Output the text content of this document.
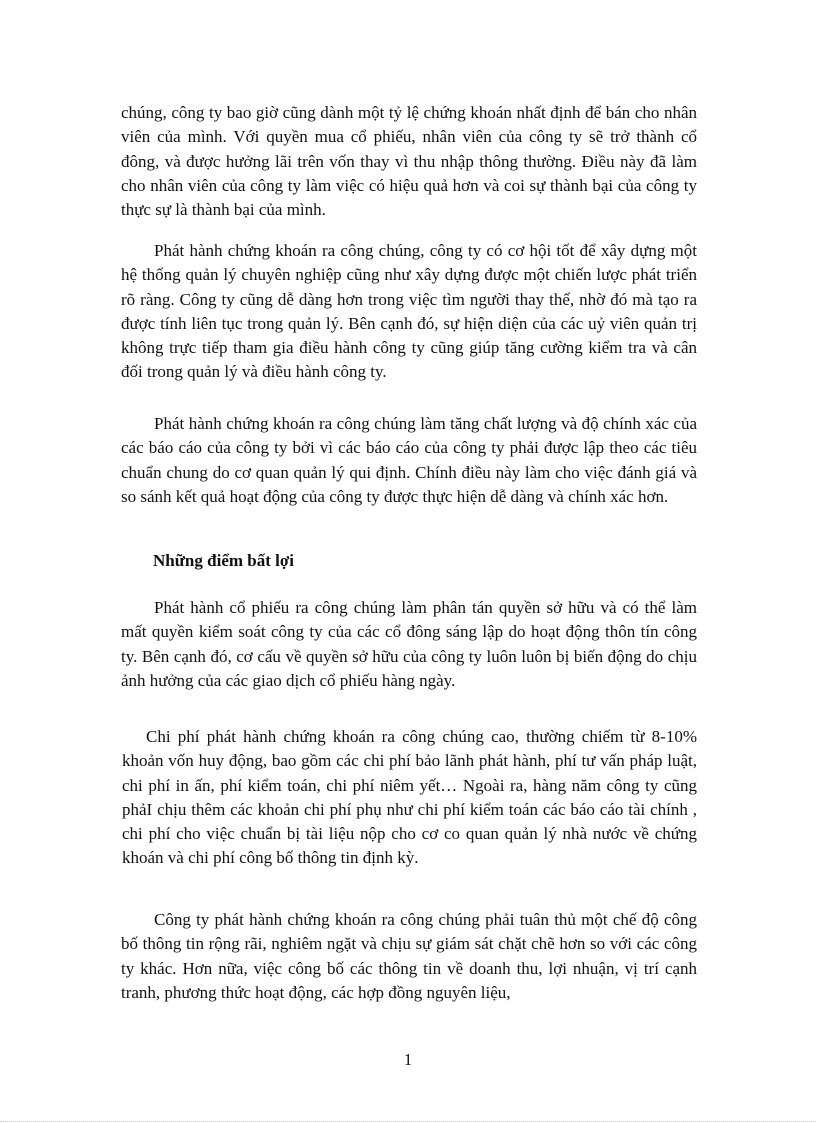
chúng, công ty bao giờ cũng dành một tỷ lệ chứng khoán nhất định để bán cho nhân viên của mình. Với quyền mua cổ phiếu, nhân viên của công ty sẽ trở thành cổ đông, và được hưởng lãi trên vốn thay vì thu nhập thông thường. Điều này đã làm cho nhân viên của công ty làm việc có hiệu quả hơn và coi sự thành bại của công ty thực sự là thành bại của mình.

Phát hành chứng khoán ra công chúng, công ty có cơ hội tốt để xây dựng một hệ thống quản lý chuyên nghiệp cũng như xây dựng được một chiến lược phát triển rõ ràng. Công ty cũng dễ dàng hơn trong việc tìm người thay thế, nhờ đó mà tạo ra được tính liên tục trong quản lý. Bên cạnh đó, sự hiện diện của các uỷ viên quản trị không trực tiếp tham gia điều hành công ty cũng giúp tăng cường kiểm tra và cân đối trong quản lý và điều hành công ty.

Phát hành chứng khoán ra công chúng làm tăng chất lượng và độ chính xác của các báo cáo của công ty bởi vì các báo cáo của công ty phải được lập theo các tiêu chuẩn chung do cơ quan quản lý qui định. Chính điều này làm cho việc đánh giá và so sánh kết quả hoạt động của công ty được thực hiện dễ dàng và chính xác hơn.

Những điểm bất lợi

Phát hành cổ phiếu ra công chúng làm phân tán quyền sở hữu và có thể làm mất quyền kiểm soát công ty của các cổ đông sáng lập do hoạt động thôn tín công ty. Bên cạnh đó, cơ cấu về quyền sở hữu của công ty luôn luôn bị biến động do chịu ảnh hưởng của các giao dịch cổ phiếu hàng ngày.

Chi phí phát hành chứng khoán ra công chúng cao, thường chiếm từ 8-10% khoản vốn huy động, bao gồm các chi phí bảo lãnh phát hành, phí tư vấn pháp luật, chi phí in ấn, phí kiểm toán, chi phí niêm yết… Ngoài ra, hàng năm công ty cũng phảI chịu thêm các khoản chi phí phụ như chi phí kiểm toán các báo cáo tài chính , chi phí cho việc chuẩn bị tài liệu nộp cho cơ co quan quản lý nhà nước về chứng khoán và chi phí công bố thông tin định kỳ.

Công ty phát hành chứng khoán ra công chúng phải tuân thủ một chế độ công bố thông tin rộng rãi, nghiêm ngặt và chịu sự giám sát chặt chẽ hơn so với các công ty khác. Hơn nữa, việc công bố các thông tin về doanh thu, lợi nhuận, vị trí cạnh tranh, phương thức hoạt động, các hợp đồng nguyên liệu,

1
